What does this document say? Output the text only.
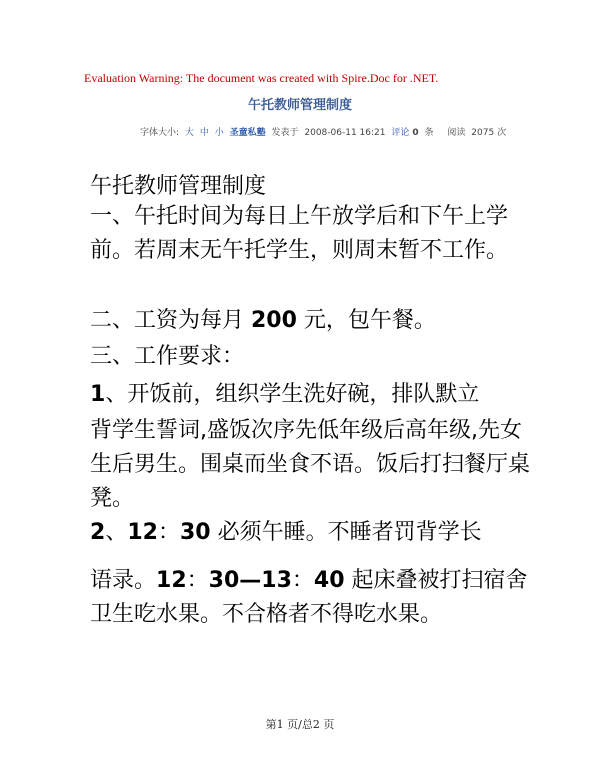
Evaluation Warning: The document was created with Spire.Doc for .NET.
午托教师管理制度
字体大小: 大 中 小 圣童私塾 发表于 2008-06-11 16:21 评论 0 条 阅读 2075 次
午托教师管理制度
一、午托时间为每日上午放学后和下午上学前。若周末无午托学生，则周末暂不工作。
二、工资为每月 200 元，包午餐。
三、工作要求：
1、开饭前，组织学生洗好碗，排队默立
背学生誓词,盛饭次序先低年级后高年级,先女生后男生。围桌而坐食不语。饭后打扫餐厅桌凳。
2、12：30 必须午睡。不睡者罚背学长
语录。12：30—13：40 起床叠被打扫宿舍卫生吃水果。不合格者不得吃水果。
第1 页/总2 页
